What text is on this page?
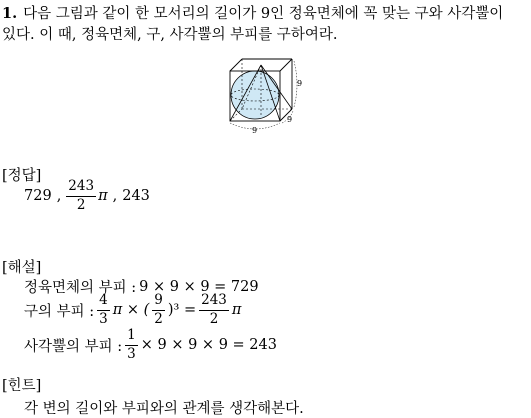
1. 다음 그림과 같이 한 모서리의 길이가 9인 정육면체에 꼭 맞는 구와 사각뿔이
있다. 이 때, 정육면체, 구, 사각뿔의 부피를 구하여라.
9
9
9
[정답]
729 , $\frac{243}{2}$ π , 243
[해설]
정육면체의 부피 : 9 × 9 × 9 = 729
구의 부피 : $\frac{4}{3}$ π × ( $\frac{9}{2} )^3 = \frac{243}{2}$ π
사각뿔의 부피 : $\frac{1}{3} \times 9 \times 9 \times 9 = 243$
[힌트]
각 변의 길이와 부피와의 관계를 생각해본다.
